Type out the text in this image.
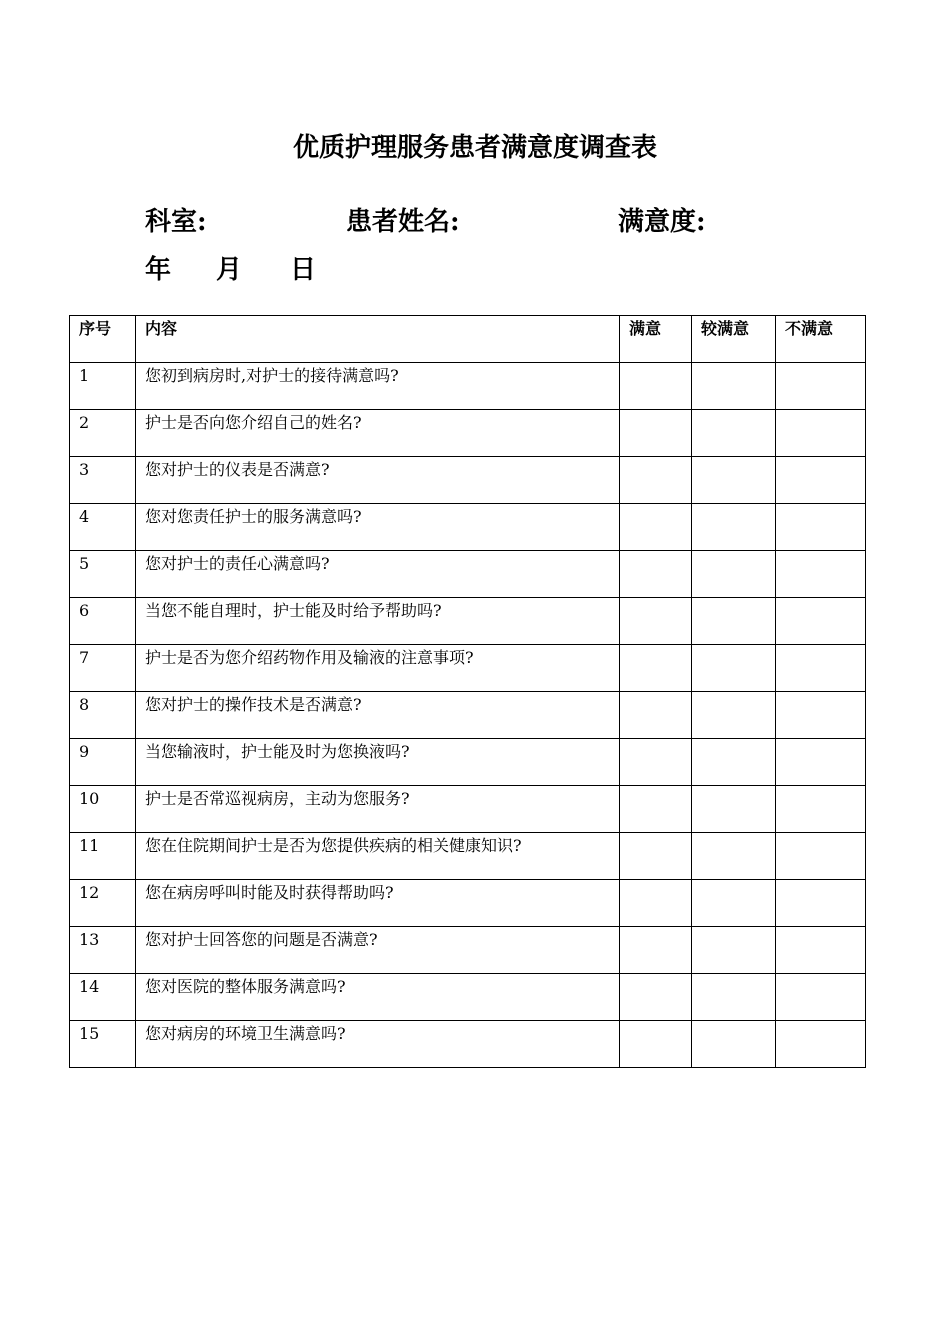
优质护理服务患者满意度调查表
科室:	患者姓名:	满意度:
年 月 日
序号	内容	满意	较满意	不满意
1	您初到病房时,对护士的接待满意吗?			
2	护士是否向您介绍自己的姓名?			
3	您对护士的仪表是否满意?			
4	您对您责任护士的服务满意吗?			
5	您对护士的责任心满意吗?			
6	当您不能自理时，护士能及时给予帮助吗?			
7	护士是否为您介绍药物作用及输液的注意事项?			
8	您对护士的操作技术是否满意?			
9	当您输液时，护士能及时为您换液吗?			
10	护士是否常巡视病房，主动为您服务?			
11	您在住院期间护士是否为您提供疾病的相关健康知识?			
12	您在病房呼叫时能及时获得帮助吗?			
13	您对护士回答您的问题是否满意?			
14	您对医院的整体服务满意吗?			
15	您对病房的环境卫生满意吗?			
